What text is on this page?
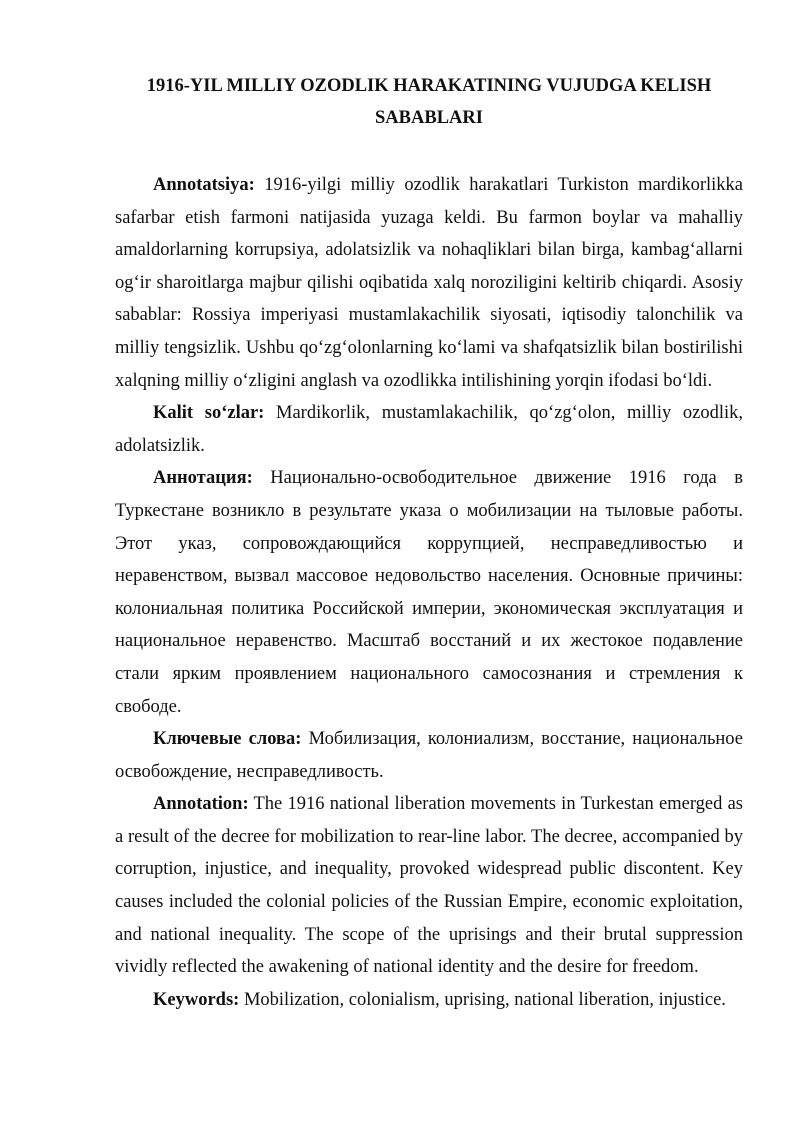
1916-YIL MILLIY OZODLIK HARAKATINING VUJUDGA KELISH SABABLARI

Annotatsiya: 1916-yilgi milliy ozodlik harakatlari Turkiston mardikorlikka safarbar etish farmoni natijasida yuzaga keldi. Bu farmon boylar va mahalliy amaldorlarning korrupsiya, adolatsizlik va nohaqliklari bilan birga, kambag‘allarni og‘ir sharoitlarga majbur qilishi oqibatida xalq noroziligini keltirib chiqardi. Asosiy sabablar: Rossiya imperiyasi mustamlakachilik siyosati, iqtisodiy talonchilik va milliy tengsizlik. Ushbu qo‘zg‘olonlarning ko‘lami va shafqatsizlik bilan bostirilishi xalqning milliy o‘zligini anglash va ozodlikka intilishining yorqin ifodasi bo‘ldi.

Kalit so‘zlar: Mardikorlik, mustamlakachilik, qo‘zg‘olon, milliy ozodlik, adolatsizlik.

Аннотация: Национально-освободительное движение 1916 года в Туркестане возникло в результате указа о мобилизации на тыловые работы. Этот указ, сопровождающийся коррупцией, несправедливостью и неравенством, вызвал массовое недовольство населения. Основные причины: колониальная политика Российской империи, экономическая эксплуатация и национальное неравенство. Масштаб восстаний и их жестокое подавление стали ярким проявлением национального самосознания и стремления к свободе.

Ключевые слова: Мобилизация, колониализм, восстание, национальное освобождение, несправедливость.

Annotation: The 1916 national liberation movements in Turkestan emerged as a result of the decree for mobilization to rear-line labor. The decree, accompanied by corruption, injustice, and inequality, provoked widespread public discontent. Key causes included the colonial policies of the Russian Empire, economic exploitation, and national inequality. The scope of the uprisings and their brutal suppression vividly reflected the awakening of national identity and the desire for freedom.

Keywords: Mobilization, colonialism, uprising, national liberation, injustice.
